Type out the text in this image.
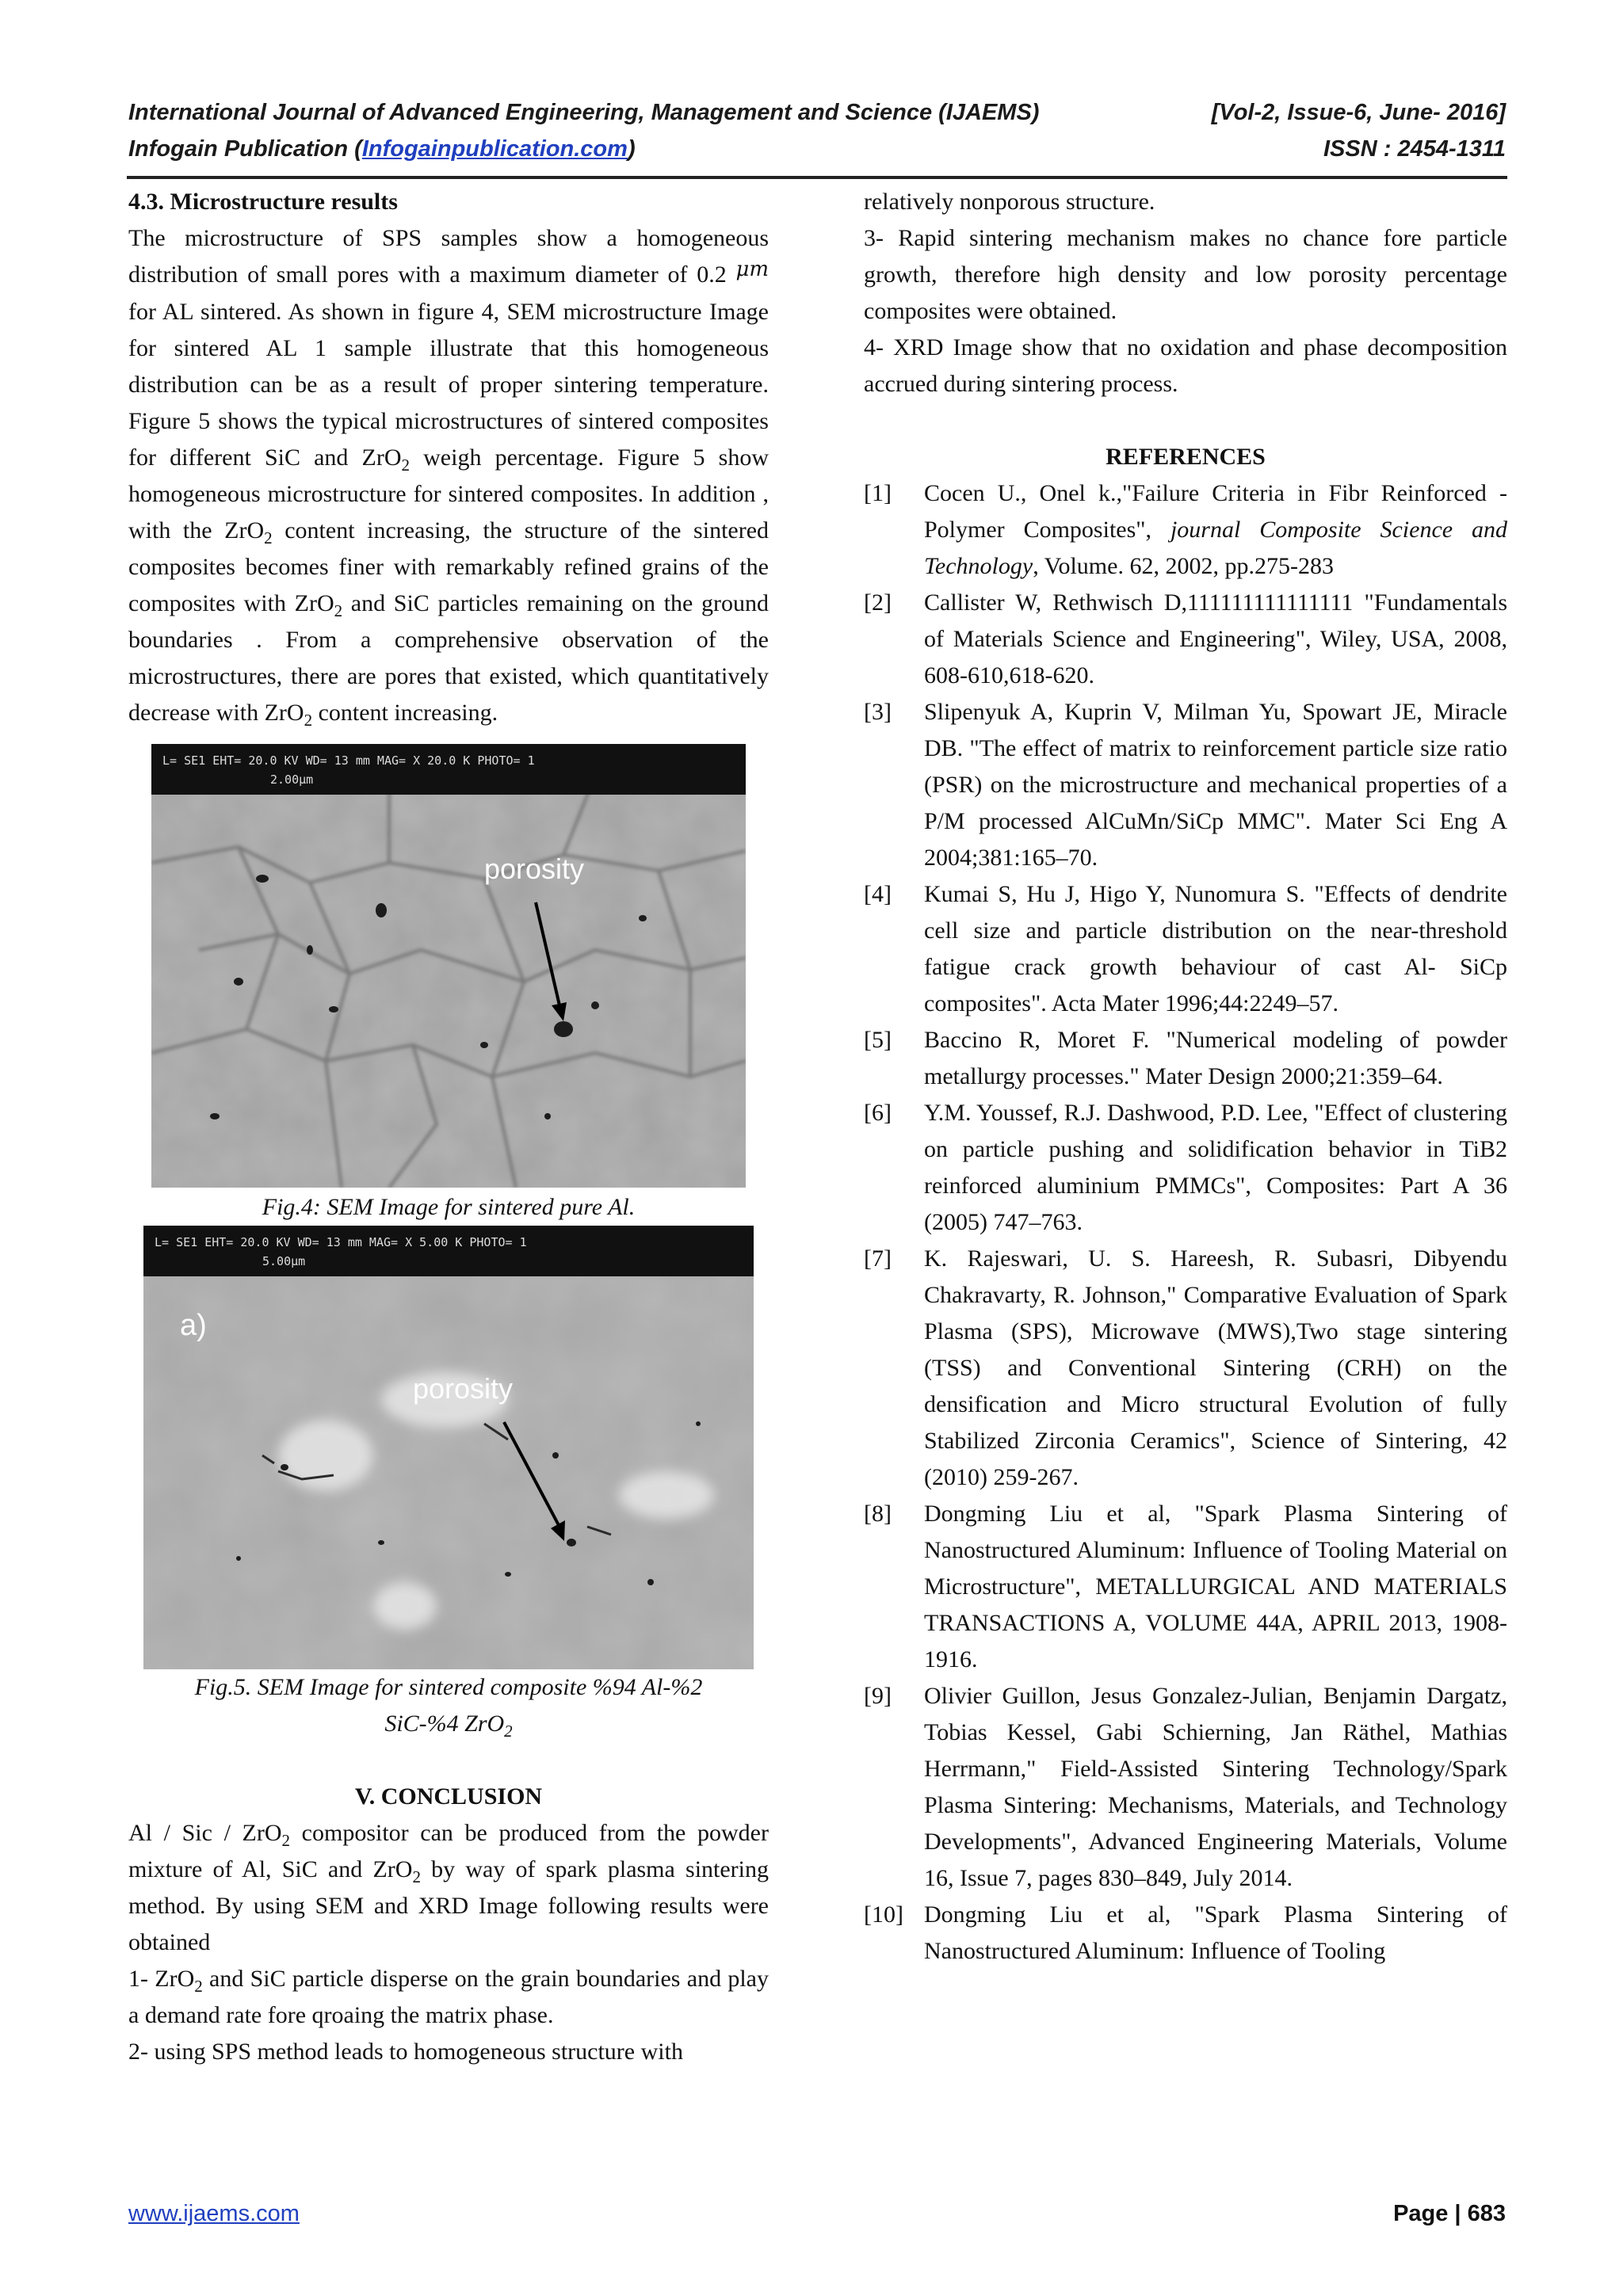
International Journal of Advanced Engineering, Management and Science (IJAEMS)	[Vol-2, Issue-6, June- 2016]
Infogain Publication (Infogainpublication.com)	ISSN : 2454-1311

4.3. Microstructure results

The microstructure of SPS samples show a homogeneous distribution of small pores with a maximum diameter of 0.2 μm for AL sintered. As shown in figure 4, SEM microstructure Image for sintered AL 1 sample illustrate that this homogeneous distribution can be as a result of proper sintering temperature. Figure 5 shows the typical microstructures of sintered composites for different SiC and ZrO$_2$ weigh percentage. Figure 5 show homogeneous microstructure for sintered composites. In addition , with the ZrO$_2$ content increasing, the structure of the sintered composites becomes finer with remarkably refined grains of the composites with ZrO$_2$ and SiC particles remaining on the ground boundaries . From a comprehensive observation of the microstructures, there are pores that existed, which quantitatively decrease with ZrO$_2$ content increasing.

L= SE1 EHT= 20.0 KV WD= 13 mm MAG= X 20.0 K PHOTO= 1
2.00μm
porosity

Fig.4: SEM Image for sintered pure Al.

L= SE1 EHT= 20.0 KV WD= 13 mm MAG= X 5.00 K PHOTO= 1
5.00μm
a)
porosity

Fig.5. SEM Image for sintered composite %94 Al-%2
SiC-%4 ZrO$_2$

V. CONCLUSION

Al / Sic / ZrO$_2$ compositor can be produced from the powder mixture of Al, SiC and ZrO$_2$ by way of spark plasma sintering method. By using SEM and XRD Image following results were obtained

1- ZrO$_2$ and SiC particle disperse on the grain boundaries and play a demand rate fore qroaing the matrix phase.

2- using SPS method leads to homogeneous structure with

relatively nonporous structure.

3- Rapid sintering mechanism makes no chance fore particle growth, therefore high density and low porosity percentage composites were obtained.

4- XRD Image show that no oxidation and phase decomposition accrued during sintering process.

REFERENCES

[1]	Cocen U., Onel k.,"Failure Criteria in Fibr Reinforced - Polymer Composites", journal Composite Science and Technology, Volume. 62, 2002, pp.275-283
[2]	Callister W, Rethwisch D,111111111111111 "Fundamentals of Materials Science and Engineering", Wiley, USA, 2008, 608-610,618-620.
[3]	Slipenyuk A, Kuprin V, Milman Yu, Spowart JE, Miracle DB. "The effect of matrix to reinforcement particle size ratio (PSR) on the microstructure and mechanical properties of a P/M processed AlCuMn/SiCp MMC". Mater Sci Eng A 2004;381:165–70.
[4]	Kumai S, Hu J, Higo Y, Nunomura S. "Effects of dendrite cell size and particle distribution on the near-threshold fatigue crack growth behaviour of cast Al- SiCp composites". Acta Mater 1996;44:2249–57.
[5]	Baccino R, Moret F. "Numerical modeling of powder metallurgy processes." Mater Design 2000;21:359–64.
[6]	Y.M. Youssef, R.J. Dashwood, P.D. Lee, "Effect of clustering on particle pushing and solidification behavior in TiB2 reinforced aluminium PMMCs", Composites: Part A 36 (2005) 747–763.
[7]	K. Rajeswari, U. S. Hareesh, R. Subasri, Dibyendu Chakravarty, R. Johnson," Comparative Evaluation of Spark Plasma (SPS), Microwave (MWS),Two stage sintering (TSS) and Conventional Sintering (CRH) on the densification and Micro structural Evolution of fully Stabilized Zirconia Ceramics", Science of Sintering, 42 (2010) 259-267.
[8]	Dongming Liu et al, "Spark Plasma Sintering of Nanostructured Aluminum: Influence of Tooling Material on Microstructure", METALLURGICAL AND MATERIALS TRANSACTIONS A, VOLUME 44A, APRIL 2013, 1908-1916.
[9]	Olivier Guillon, Jesus Gonzalez-Julian, Benjamin Dargatz, Tobias Kessel, Gabi Schierning, Jan Räthel, Mathias Herrmann," Field-Assisted Sintering Technology/Spark Plasma Sintering: Mechanisms, Materials, and Technology Developments", Advanced Engineering Materials, Volume 16, Issue 7, pages 830–849, July 2014.
[10] Dongming Liu et al, "Spark Plasma Sintering of Nanostructured Aluminum: Influence of Tooling
www.ijaems.com	Page | 683
